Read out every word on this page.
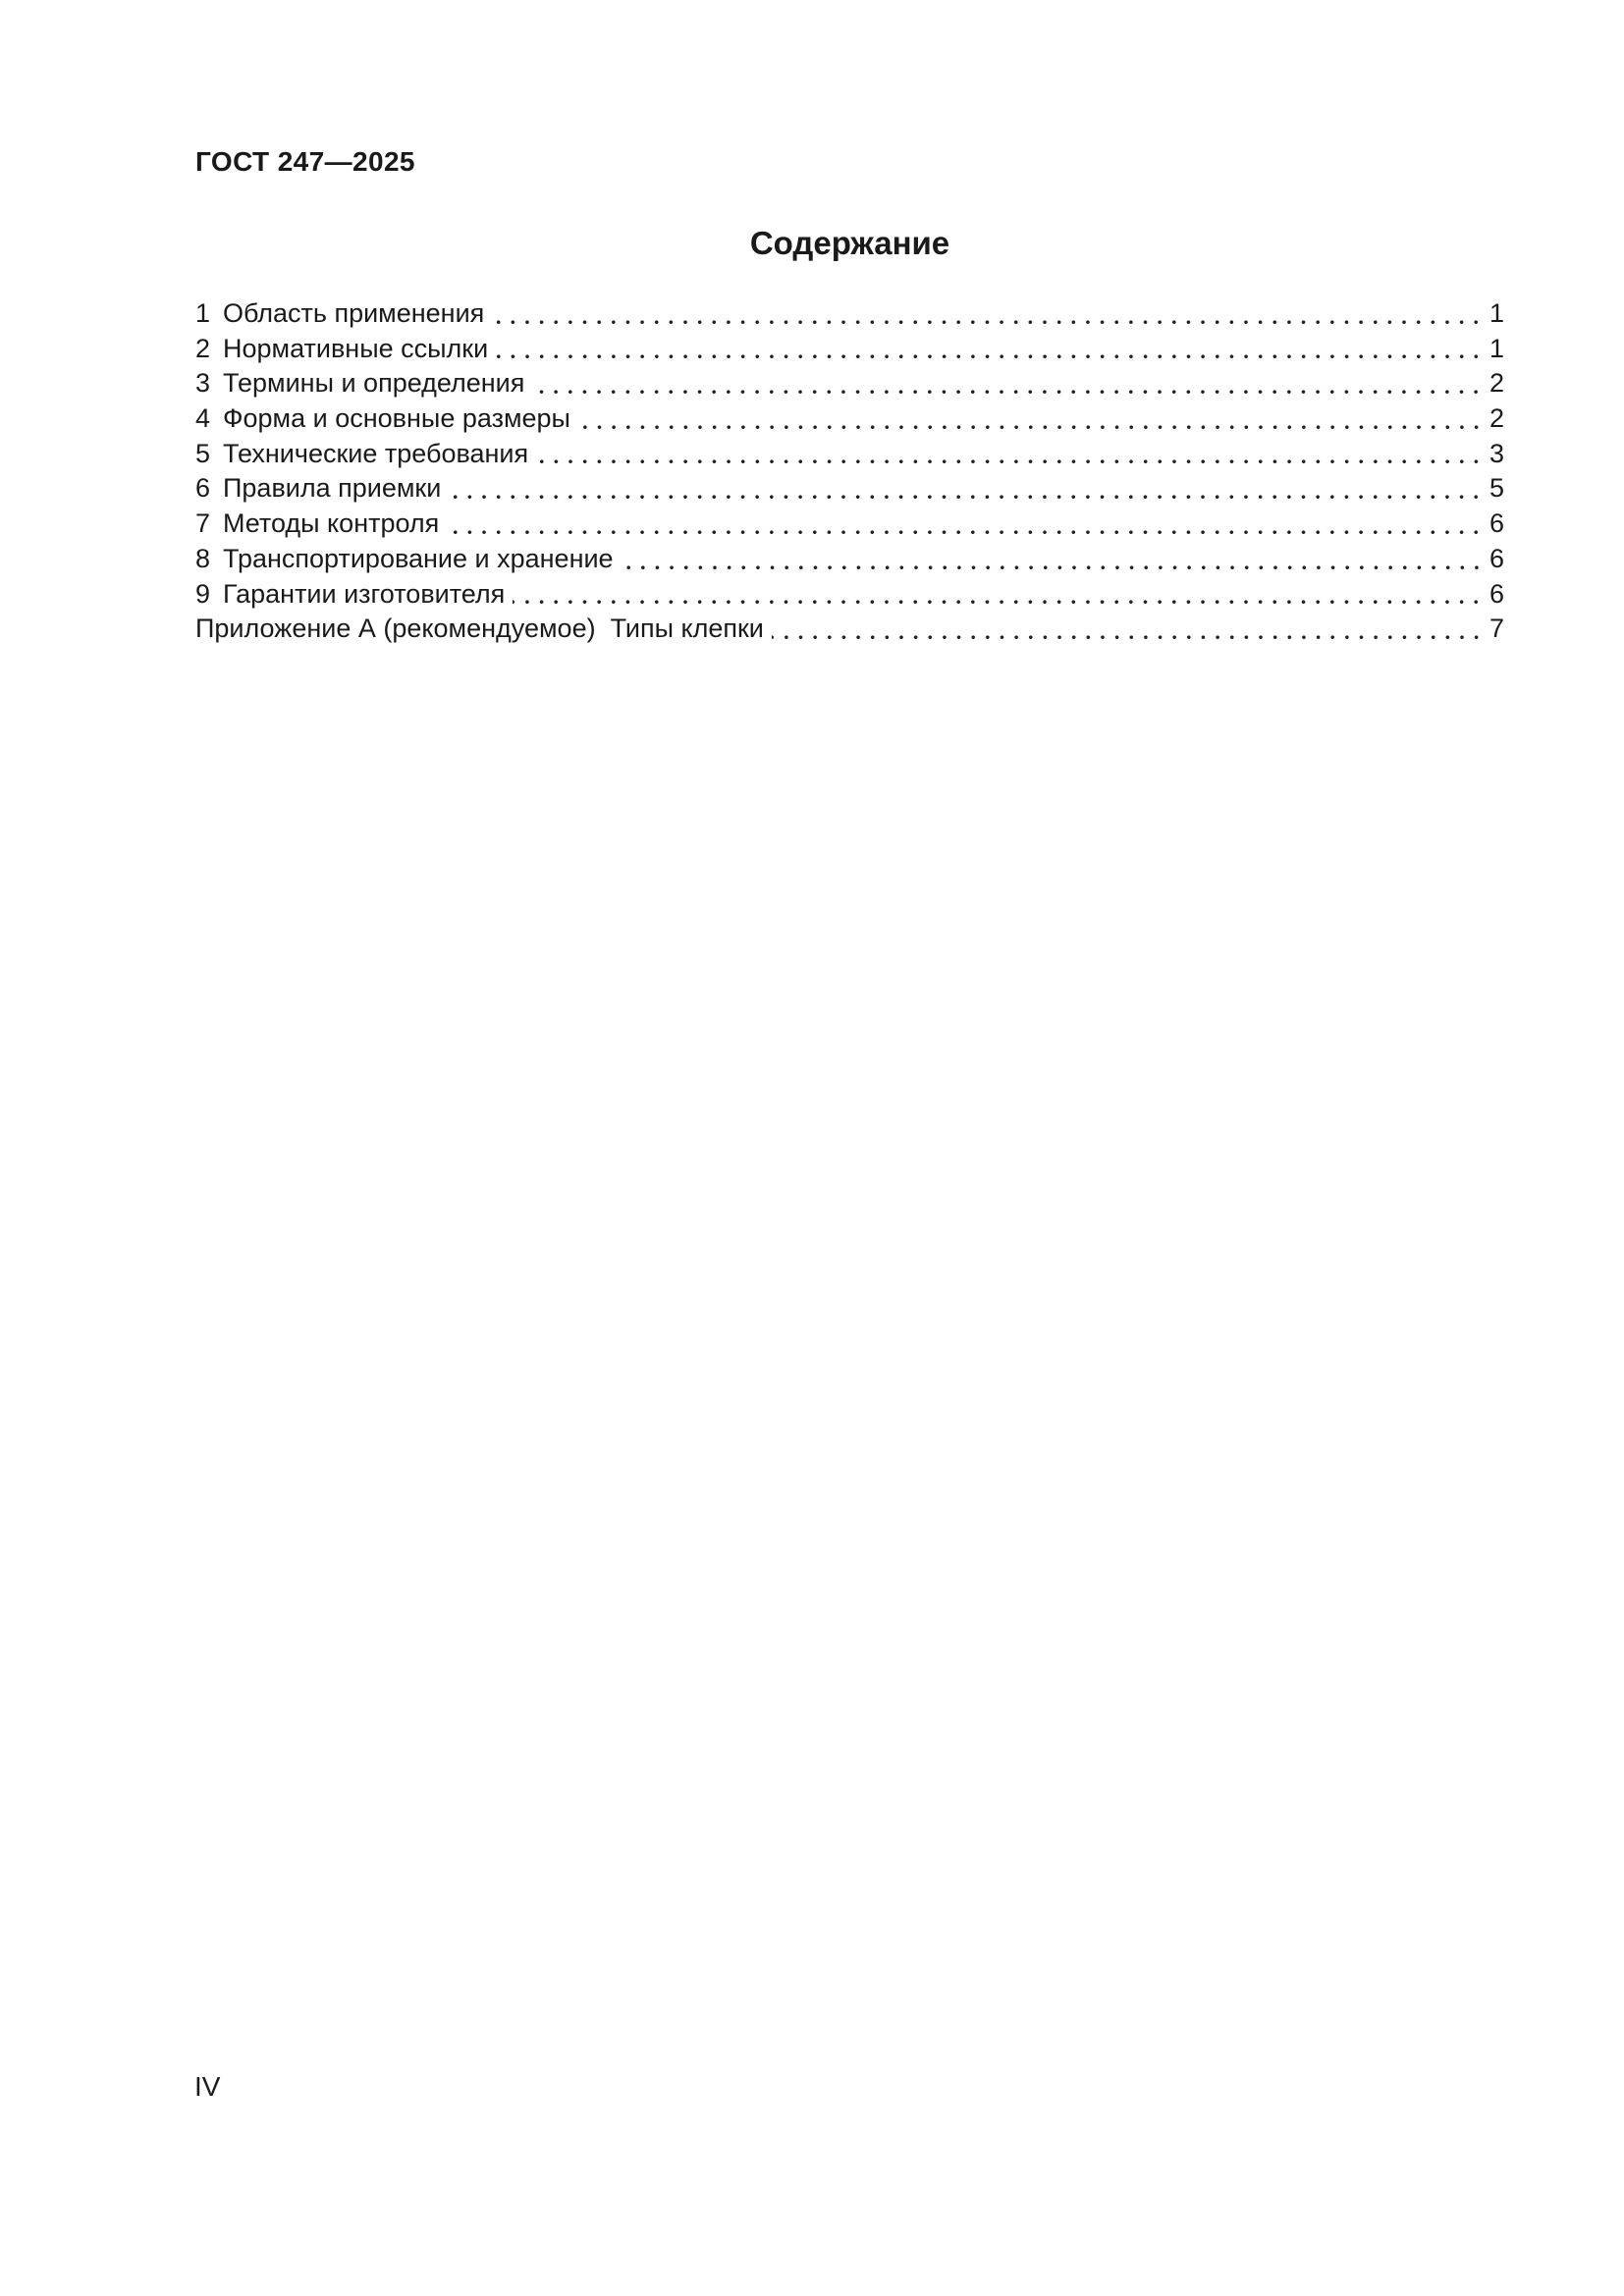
ГОСТ 247—2025
Содержание
1 Область применения	1
2 Нормативные ссылки	1
3 Термины и определения	2
4 Форма и основные размеры	2
5 Технические требования	3
6 Правила приемки	5
7 Методы контроля	6
8 Транспортирование и хранение	6
9 Гарантии изготовителя	6
Приложение А (рекомендуемое)  Типы клепки	7
IV
